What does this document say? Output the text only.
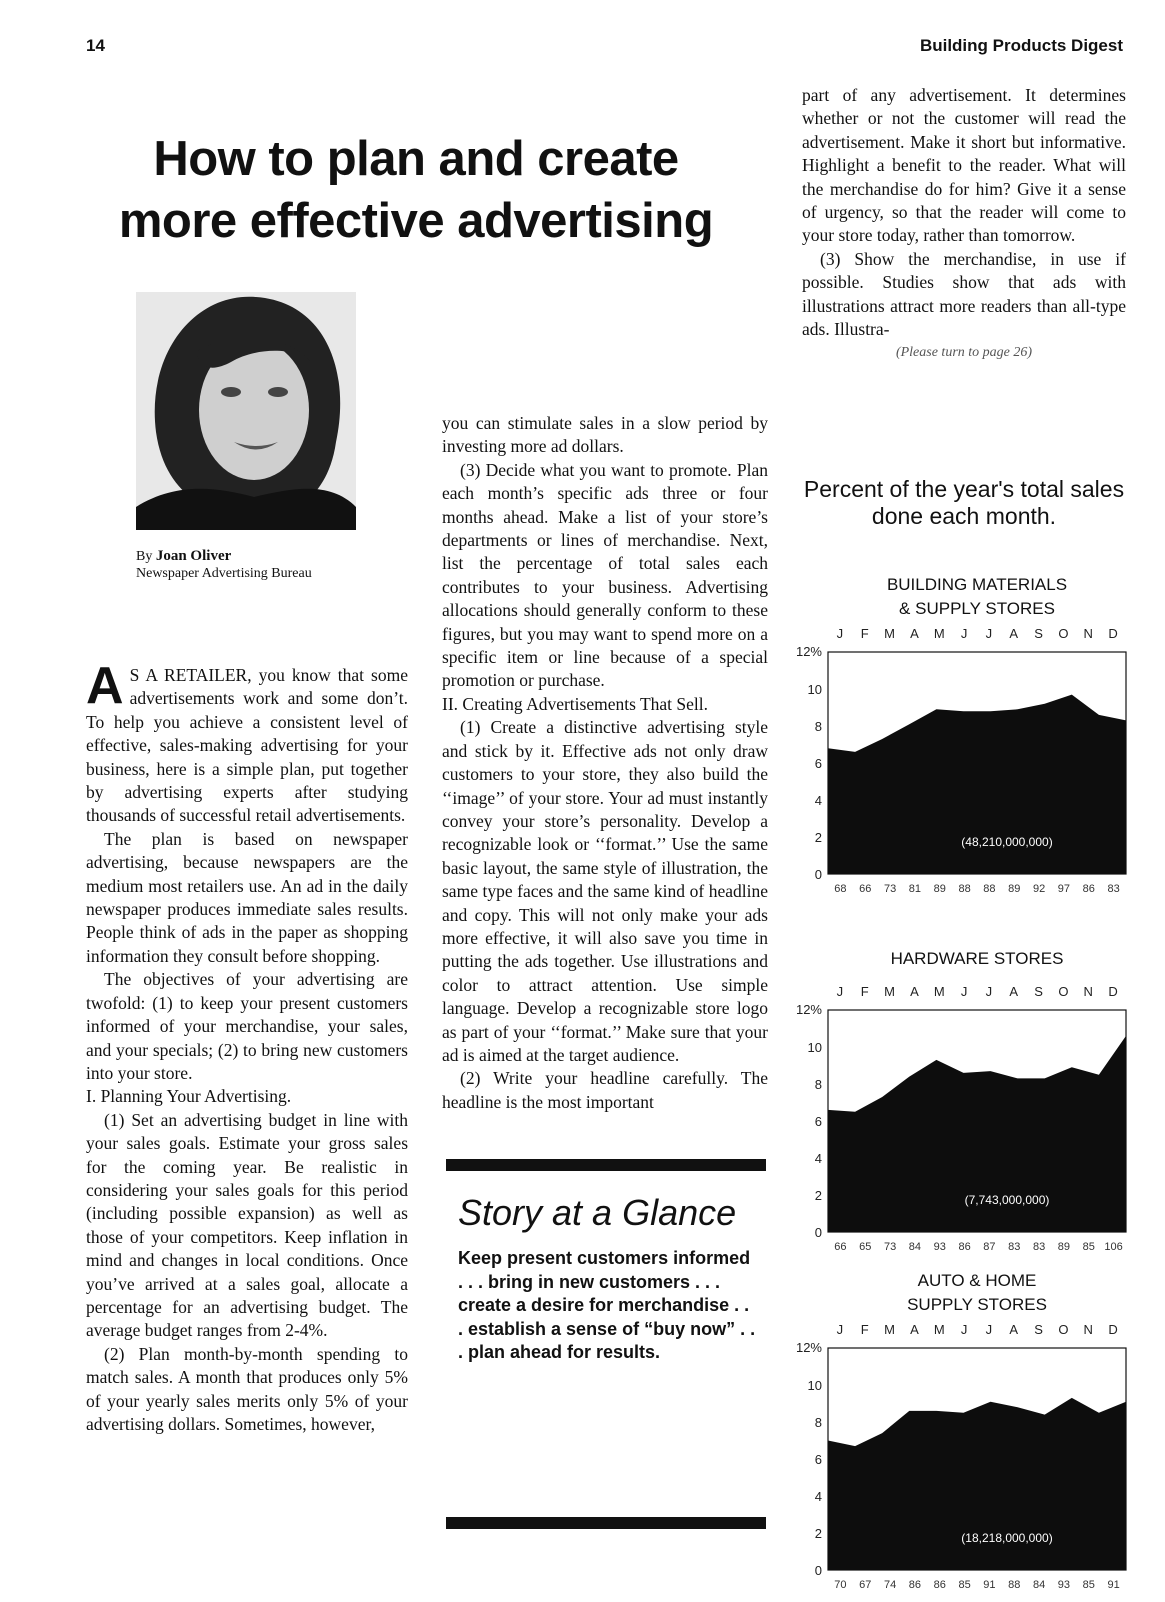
14	Building Products Digest
How to plan and create
more effective advertising
By Joan Oliver
Newspaper Advertising Bureau

A S A RETAILER, you know that some advertisements work and some don’t. To help you achieve a consistent level of effective, sales-making advertising for your business, here is a simple plan, put together by advertising experts after studying thousands of successful retail advertisements.

The plan is based on newspaper advertising, because newspapers are the medium most retailers use. An ad in the daily newspaper produces immediate sales results. People think of ads in the paper as shopping information they consult before shopping.

The objectives of your advertising are twofold: (1) to keep your present customers informed of your merchandise, your sales, and your specials; (2) to bring new customers into your store.

I. Planning Your Advertising.

(1) Set an advertising budget in line with your sales goals. Estimate your gross sales for the coming year. Be realistic in considering your sales goals for this period (including possible expansion) as well as those of your competitors. Keep inflation in mind and changes in local conditions. Once you’ve arrived at a sales goal, allocate a percentage for an advertising budget. The average budget ranges from 2-4%.

(2) Plan month-by-month spending to match sales. A month that produces only 5% of your yearly sales merits only 5% of your advertising dollars. Sometimes, however,

you can stimulate sales in a slow period by investing more ad dollars.

(3) Decide what you want to promote. Plan each month’s specific ads three or four months ahead. Make a list of your store’s departments or lines of merchandise. Next, list the percentage of total sales each contributes to your business. Advertising allocations should generally conform to these figures, but you may want to spend more on a specific item or line because of a special promotion or purchase.

II. Creating Advertisements That Sell.

(1) Create a distinctive advertising style and stick by it. Effective ads not only draw customers to your store, they also build the ‘‘image’’ of your store. Your ad must instantly convey your store’s personality. Develop a recognizable look or ‘‘format.’’ Use the same basic layout, the same style of illustration, the same type faces and the same kind of headline and copy. This will not only make your ads more effective, it will also save you time in putting the ads together. Use illustrations and color to attract attention. Use simple language. Develop a recognizable store logo as part of your ‘‘format.’’ Make sure that your ad is aimed at the target audience.

(2) Write your headline carefully. The headline is the most important

part of any advertisement. It determines whether or not the customer will read the advertisement. Make it short but informative. Highlight a benefit to the reader. What will the merchandise do for him? Give it a sense of urgency, so that the reader will come to your store today, rather than tomorrow.

(3) Show the merchandise, in use if possible. Studies show that ads with illustrations attract more readers than all-type ads. Illustra-

(Please turn to page 26)

Story at a Glance
Keep present customers informed . . . bring in new customers . . . create a desire for merchandise . . . establish a sense of “buy now” . . . plan ahead for results.
Percent of the year's total sales done each month.
BUILDING MATERIALS
& SUPPLY STORES
J F M A M J J A S O N D
12%
10
8
6
4
2
0
68 66 73 81 89 88 88 89 92 97 86 83
(48,210,000,000)
HARDWARE STORES
J F M A M J J A S O N D
12%
10
8
6
4
2
0
66 65 73 84 93 86 87 83 83 89 85 106
(7,743,000,000)
AUTO & HOME
SUPPLY STORES
J F M A M J J A S O N D
12%
10
8
6
4
2
0
70 67 74 86 86 85 91 88 84 93 85 91
(18,218,000,000)
